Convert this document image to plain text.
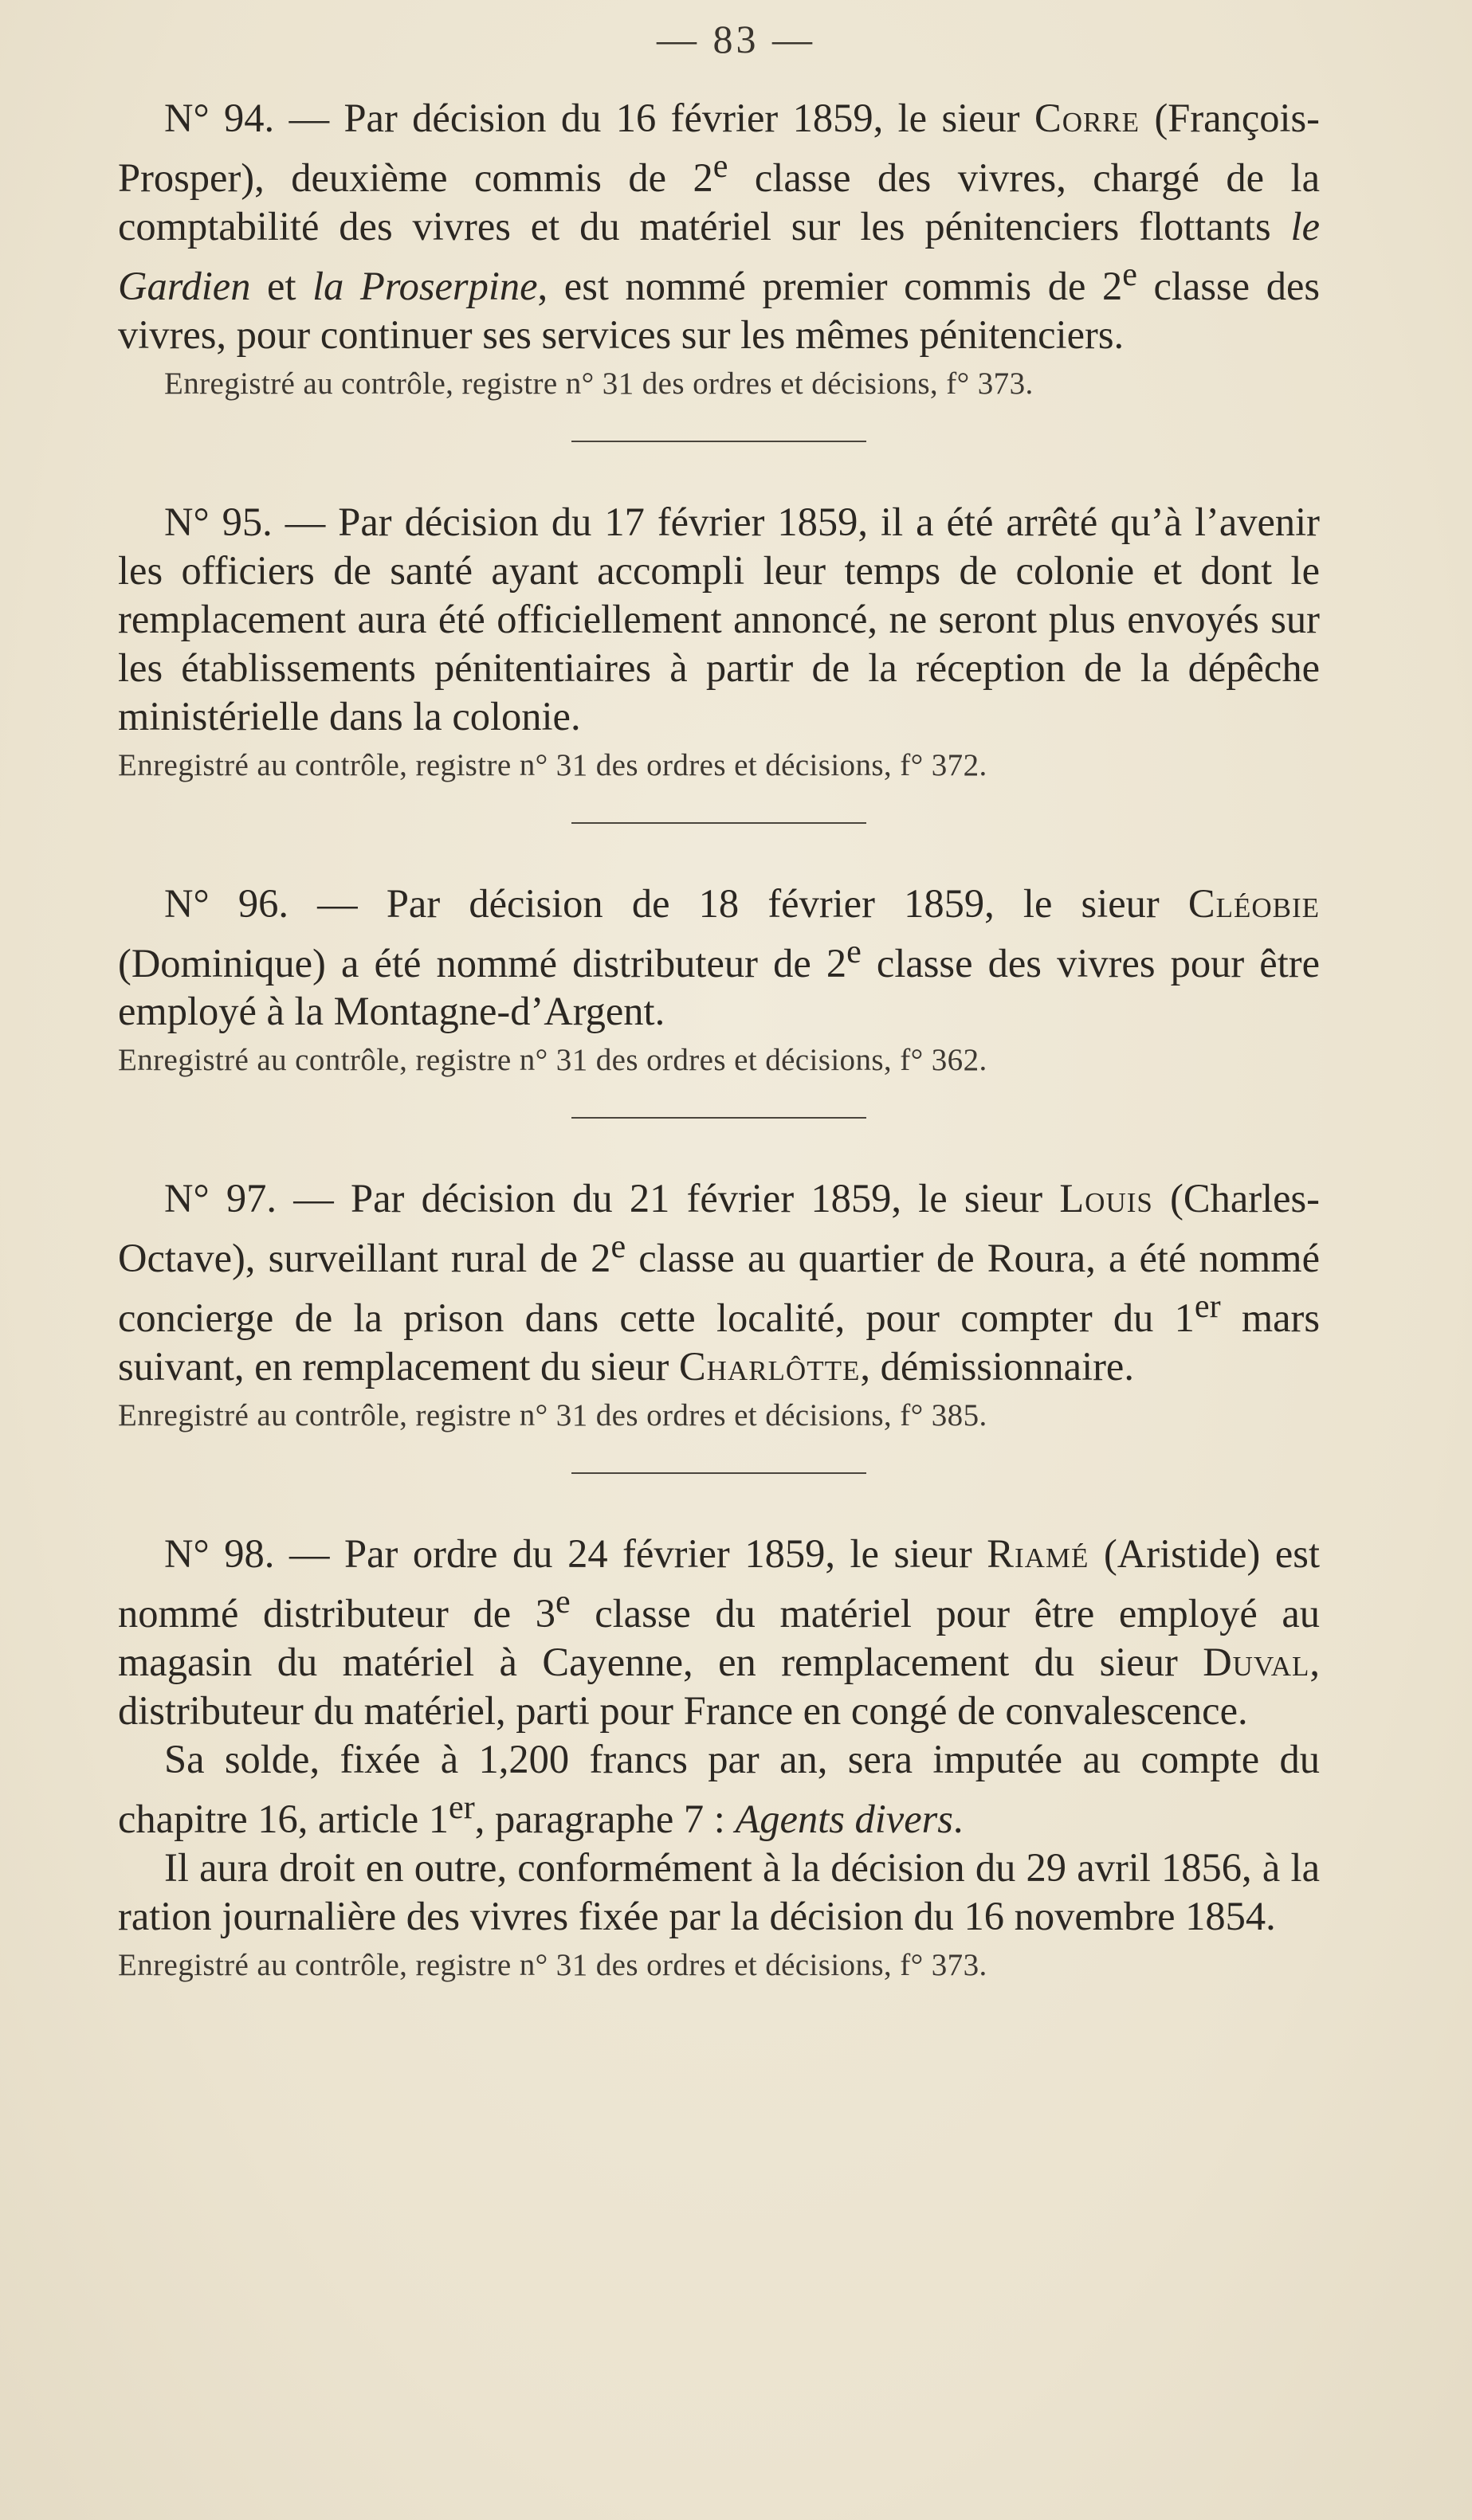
— 83 —

N° 94. — Par décision du 16 février 1859, le sieur Corre (François-Prosper), deuxième commis de 2e classe des vivres, chargé de la comptabilité des vivres et du matériel sur les pénitenciers flottants le Gardien et la Proserpine, est nommé premier commis de 2e classe des vivres, pour continuer ses services sur les mêmes pénitenciers.

Enregistré au contrôle, registre n° 31 des ordres et décisions, f° 373.

N° 95. — Par décision du 17 février 1859, il a été arrêté qu’à l’avenir les officiers de santé ayant accompli leur temps de colonie et dont le remplacement aura été officiellement annoncé, ne seront plus envoyés sur les établissements pénitentiaires à partir de la réception de la dépêche ministérielle dans la colonie.

Enregistré au contrôle, registre n° 31 des ordres et décisions, f° 372.

N° 96. — Par décision de 18 février 1859, le sieur Cléobie (Dominique) a été nommé distributeur de 2e classe des vivres pour être employé à la Montagne-d’Argent.

Enregistré au contrôle, registre n° 31 des ordres et décisions, f° 362.

N° 97. — Par décision du 21 février 1859, le sieur Louis (Charles-Octave), surveillant rural de 2e classe au quartier de Roura, a été nommé concierge de la prison dans cette localité, pour compter du 1er mars suivant, en remplacement du sieur Charlôtte, démissionnaire.

Enregistré au contrôle, registre n° 31 des ordres et décisions, f° 385.

N° 98. — Par ordre du 24 février 1859, le sieur Riamé (Aristide) est nommé distributeur de 3e classe du matériel pour être employé au magasin du matériel à Cayenne, en remplacement du sieur Duval, distributeur du matériel, parti pour France en congé de convalescence.

Sa solde, fixée à 1,200 francs par an, sera imputée au compte du chapitre 16, article 1er, paragraphe 7 : Agents divers.

Il aura droit en outre, conformément à la décision du 29 avril 1856, à la ration journalière des vivres fixée par la décision du 16 novembre 1854.

Enregistré au contrôle, registre n° 31 des ordres et décisions, f° 373.
